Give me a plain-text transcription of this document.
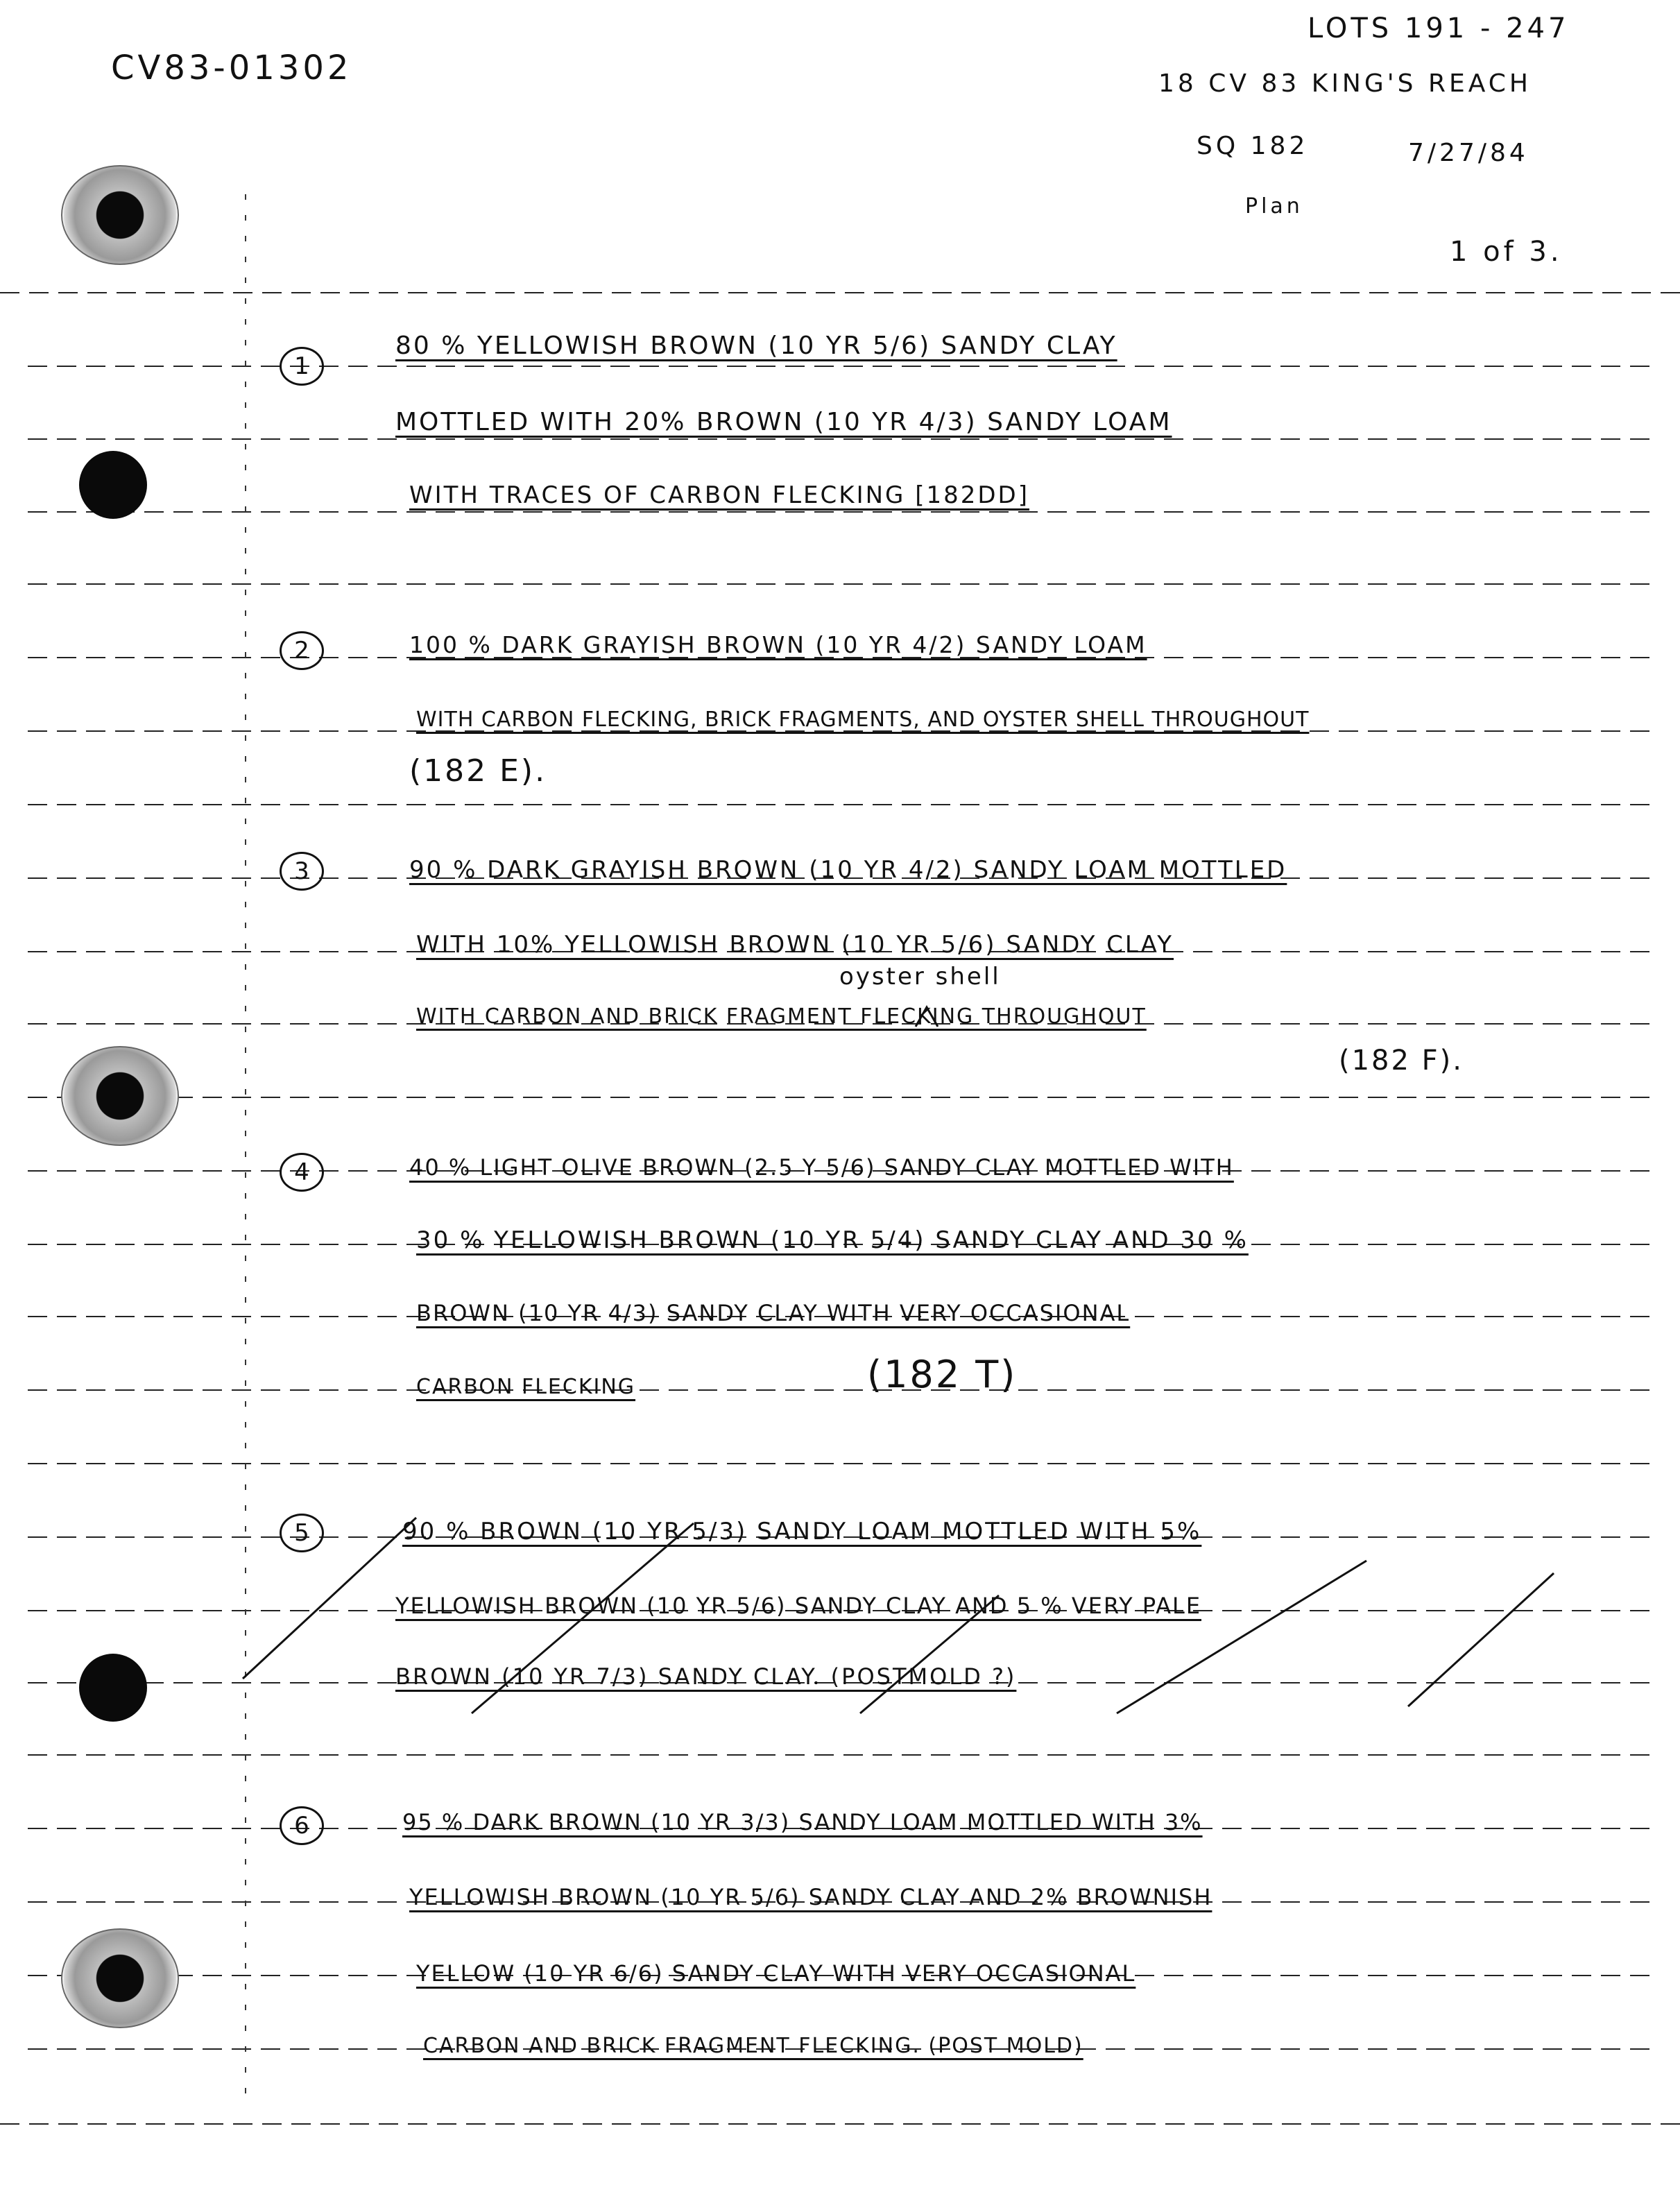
CV83-01302
LOTS 191 - 247
18 CV 83 KING'S REACH
SQ 182	7/27/84
Plan
1 of 3.
1
80 % YELLOWISH BROWN (10 YR 5/6) SANDY CLAY
MOTTLED WITH 20% BROWN (10 YR 4/3) SANDY LOAM
WITH TRACES OF CARBON FLECKING [182DD]
2	100 % DARK GRAYISH BROWN (10 YR 4/2) SANDY LOAM
WITH CARBON FLECKING, BRICK FRAGMENTS, AND OYSTER SHELL THROUGHOUT
(182 E).
3	90 % DARK GRAYISH BROWN (10 YR 4/2) SANDY LOAM MOTTLED
WITH 10% YELLOWISH BROWN (10 YR 5/6) SANDY CLAY
oyster shell
WITH CARBON AND BRICK FRAGMENT FLECKING THROUGHOUT
(182 F).
4	40 % LIGHT OLIVE BROWN (2.5 Y 5/6) SANDY CLAY MOTTLED WITH
30 % YELLOWISH BROWN (10 YR 5/4) SANDY CLAY AND 30 %
BROWN (10 YR 4/3) SANDY CLAY WITH VERY OCCASIONAL
CARBON FLECKING	(182 T)
5	90 % BROWN (10 YR 5/3) SANDY LOAM MOTTLED WITH 5%
YELLOWISH BROWN (10 YR 5/6) SANDY CLAY AND 5 % VERY PALE
BROWN (10 YR 7/3) SANDY CLAY. (POSTMOLD ?)
6	95 % DARK BROWN (10 YR 3/3) SANDY LOAM MOTTLED WITH 3%
YELLOWISH BROWN (10 YR 5/6) SANDY CLAY AND 2% BROWNISH
YELLOW (10 YR 6/6) SANDY CLAY WITH VERY OCCASIONAL
CARBON AND BRICK FRAGMENT FLECKING. (POST MOLD)
